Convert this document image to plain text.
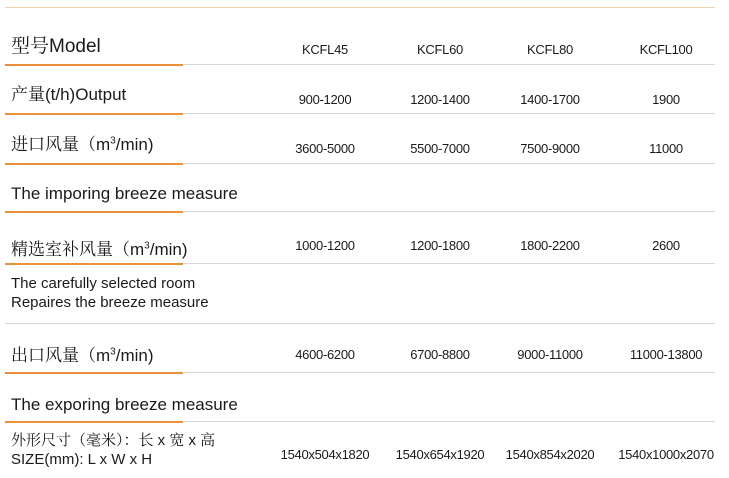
型号Model	KCFL45	KCFL60	KCFL80	KCFL100
产量(t/h)Output	900-1200	1200-1400	1400-1700	1900
进口风量$(m^3/\min)$	3600-5000	5500-7000	7500-9000	11000
The imporing breeze measure
精选室补风量$(m^3/\min)$	1000-1200	1200-1800	1800-2200	2600
The carefully selected room
Repaires the breeze measure
出口风量$(m^3/\min)$	4600-6200	6700-8800	9000-11000	11000-13800
The exporing breeze measure
外形尺寸（毫米）：长 x 宽 x 高
SIZE(mm): L x W x H	1540x504x1820	1540x654x1920	1540x854x2020	1540x1000x2070
